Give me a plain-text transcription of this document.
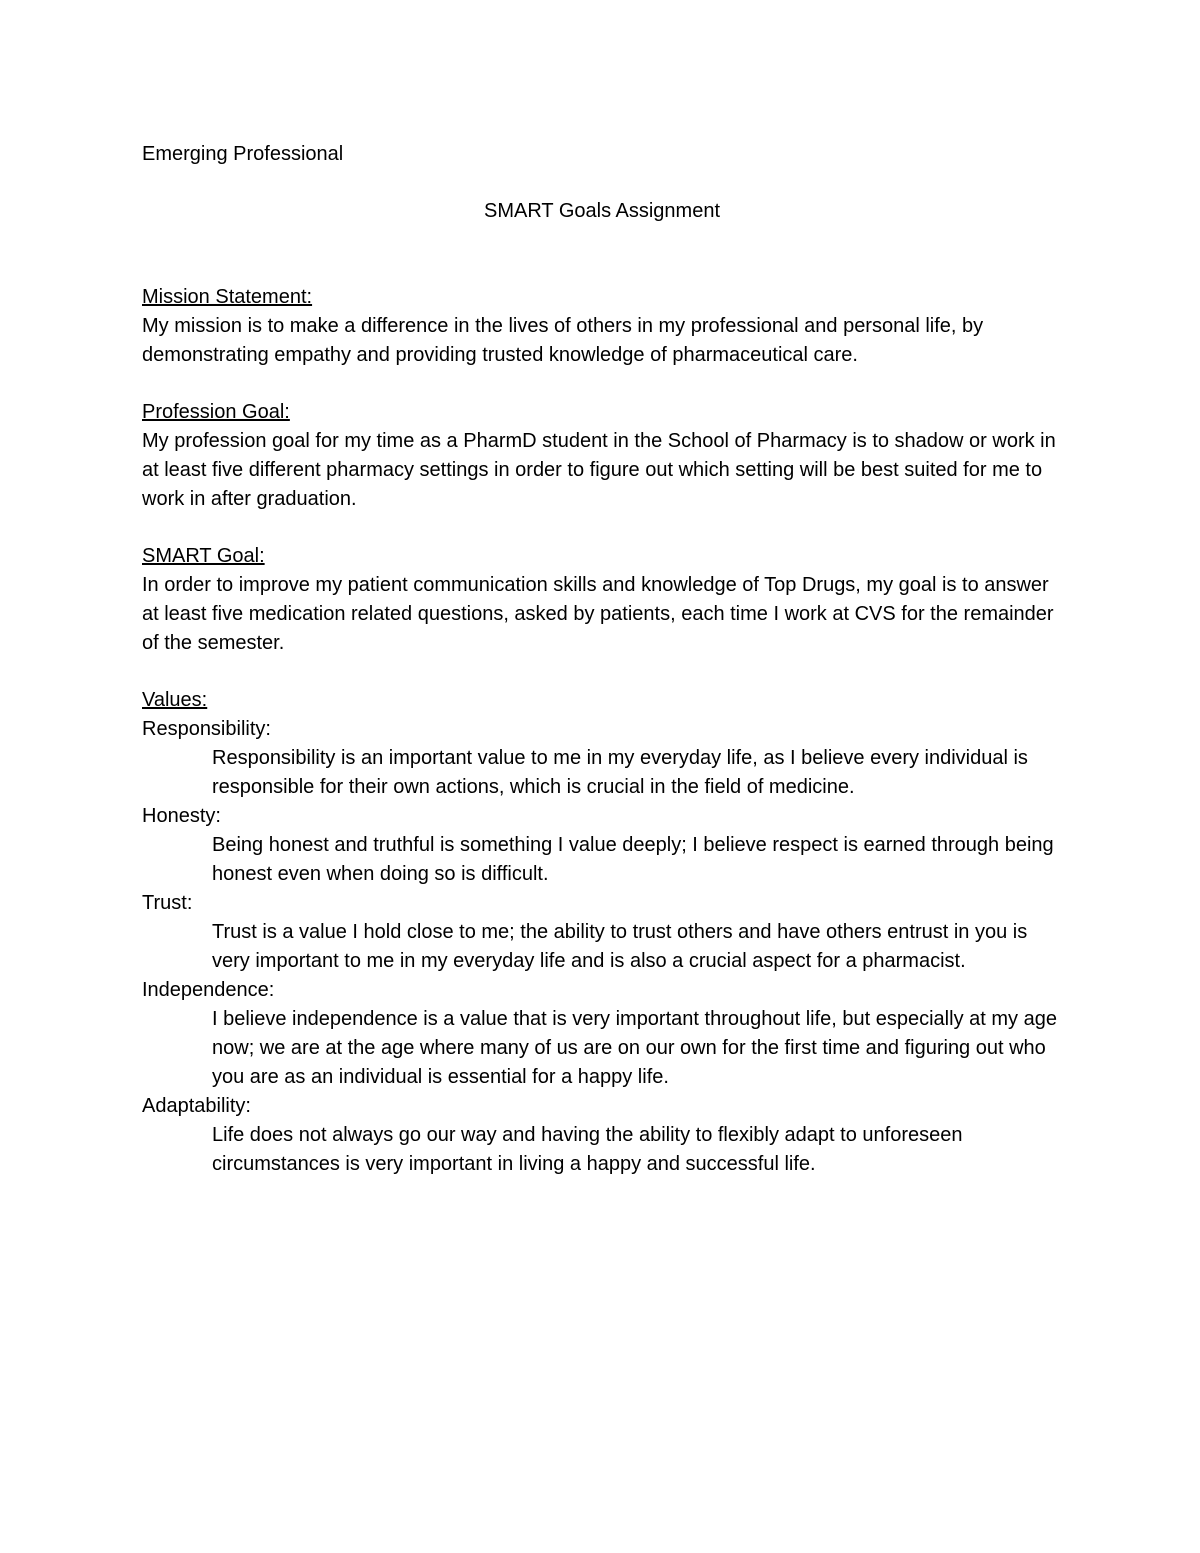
Emerging Professional

SMART Goals Assignment

Mission Statement:

My mission is to make a difference in the lives of others in my professional and personal life, by demonstrating empathy and providing trusted knowledge of pharmaceutical care.

Profession Goal:

My profession goal for my time as a PharmD student in the School of Pharmacy is to shadow or work in at least five different pharmacy settings in order to figure out which setting will be best suited for me to work in after graduation.

SMART Goal:

In order to improve my patient communication skills and knowledge of Top Drugs, my goal is to answer at least five medication related questions, asked by patients, each time I work at CVS for the remainder of the semester.

Values:

Responsibility:

Responsibility is an important value to me in my everyday life, as I believe every individual is responsible for their own actions, which is crucial in the field of medicine.

Honesty:

Being honest and truthful is something I value deeply; I believe respect is earned through being honest even when doing so is difficult.

Trust:

Trust is a value I hold close to me; the ability to trust others and have others entrust in you is very important to me in my everyday life and is also a crucial aspect for a pharmacist.

Independence:

I believe independence is a value that is very important throughout life, but especially at my age now; we are at the age where many of us are on our own for the first time and figuring out who you are as an individual is essential for a happy life.

Adaptability:

Life does not always go our way and having the ability to flexibly adapt to unforeseen circumstances is very important in living a happy and successful life.
